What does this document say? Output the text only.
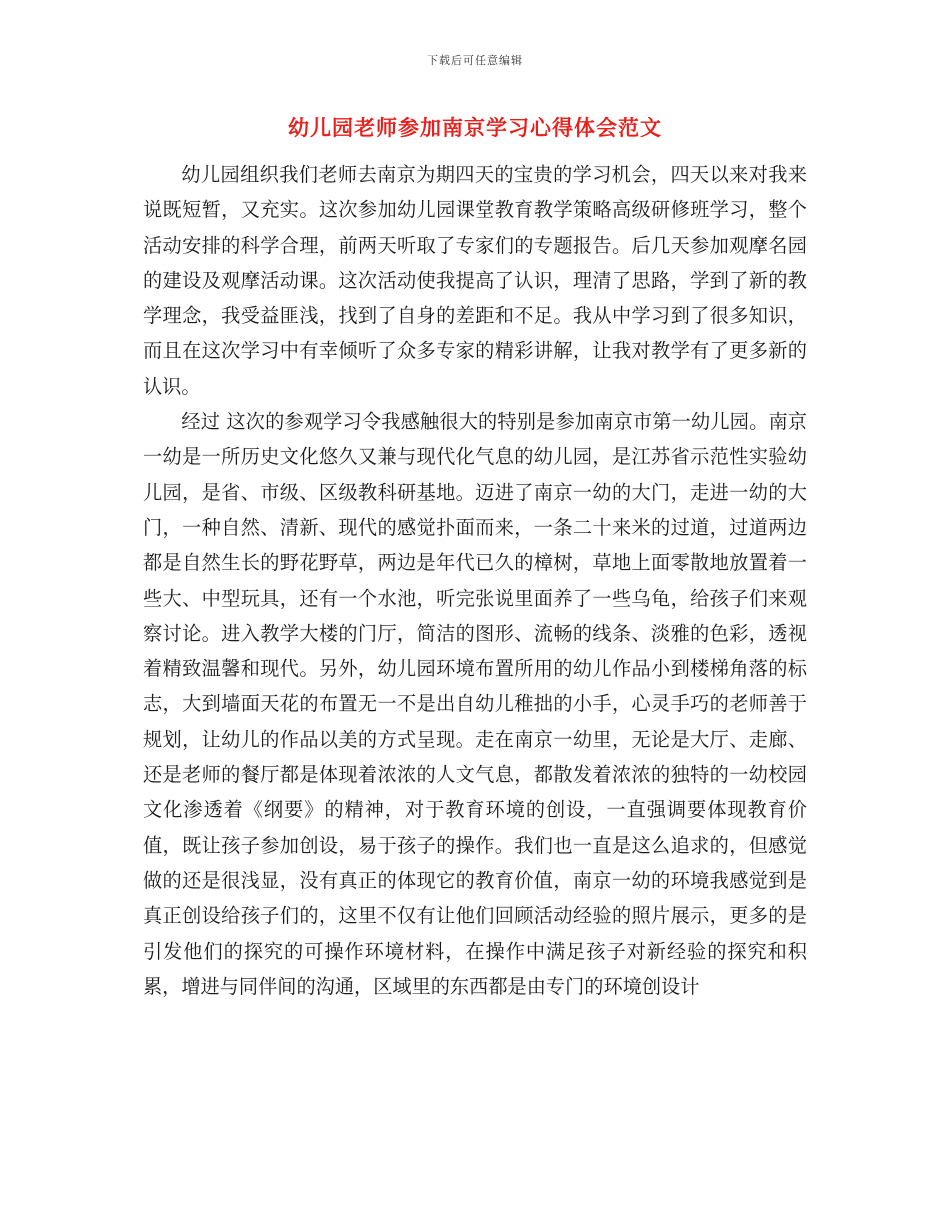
下载后可任意编辑
幼儿园老师参加南京学习心得体会范文

幼儿园组织我们老师去南京为期四天的宝贵的学习机会，四天以来对我来说既短暂，又充实。这次参加幼儿园课堂教育教学策略高级研修班学习，整个活动安排的科学合理，前两天听取了专家们的专题报告。后几天参加观摩名园的建设及观摩活动课。这次活动使我提高了认识，理清了思路，学到了新的教学理念，我受益匪浅，找到了自身的差距和不足。我从中学习到了很多知识，而且在这次学习中有幸倾听了众多专家的精彩讲解，让我对教学有了更多新的认识。

经过 这次的参观学习令我感触很大的特别是参加南京市第一幼儿园。南京一幼是一所历史文化悠久又兼与现代化气息的幼儿园，是江苏省示范性实验幼儿园，是省、市级、区级教科研基地。迈进了南京一幼的大门，走进一幼的大门，一种自然、清新、现代的感觉扑面而来，一条二十来米的过道，过道两边都是自然生长的野花野草，两边是年代已久的樟树，草地上面零散地放置着一些大、中型玩具，还有一个水池，听完张说里面养了一些乌龟，给孩子们来观察讨论。进入教学大楼的门厅，简洁的图形、流畅的线条、淡雅的色彩，透视着精致温馨和现代。另外，幼儿园环境布置所用的幼儿作品小到楼梯角落的标志，大到墙面天花的布置无一不是出自幼儿稚拙的小手，心灵手巧的老师善于规划，让幼儿的作品以美的方式呈现。走在南京一幼里，无论是大厅、走廊、还是老师的餐厅都是体现着浓浓的人文气息，都散发着浓浓的独特的一幼校园文化渗透着《纲要》的精神，对于教育环境的创设，一直强调要体现教育价值，既让孩子参加创设，易于孩子的操作。我们也一直是这么追求的，但感觉做的还是很浅显，没有真正的体现它的教育价值，南京一幼的环境我感觉到是真正创设给孩子们的，这里不仅有让他们回顾活动经验的照片展示，更多的是引发他们的探究的可操作环境材料，在操作中满足孩子对新经验的探究和积累，增进与同伴间的沟通，区域里的东西都是由专门的环境创设计
